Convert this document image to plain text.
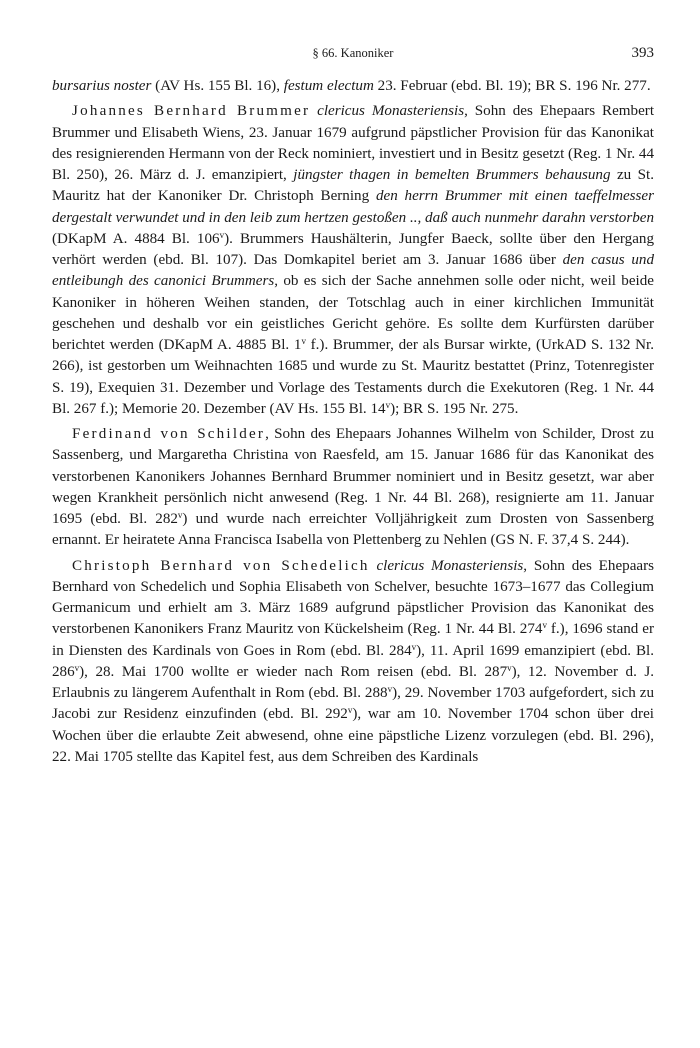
§ 66. Kanoniker	393

bursarius noster (AV Hs. 155 Bl. 16), festum electum 23. Februar (ebd. Bl. 19); BR S. 196 Nr. 277.

Johannes Bernhard Brummer clericus Monasteriensis, Sohn des Ehepaars Rembert Brummer und Elisabeth Wiens, 23. Januar 1679 aufgrund päpstlicher Provision für das Kanonikat des resignierenden Hermann von der Reck nominiert, investiert und in Besitz gesetzt (Reg. 1 Nr. 44 Bl. 250), 26. März d. J. emanzipiert, jüngster thagen in bemelten Brummers behausung zu St. Mauritz hat der Kanoniker Dr. Christoph Berning den herrn Brummer mit einen taeffelmesser dergestalt verwundet und in den leib zum hertzen gestoßen .., daß auch nunmehr darahn verstorben (DKapM A. 4884 Bl. 106$^v$). Brummers Haushälterin, Jungfer Baeck, sollte über den Hergang verhört werden (ebd. Bl. 107). Das Domkapitel beriet am 3. Januar 1686 über den casus und entleibungh des canonici Brummers, ob es sich der Sache annehmen solle oder nicht, weil beide Kanoniker in höheren Weihen standen, der Totschlag auch in einer kirchlichen Immunität geschehen und deshalb vor ein geistliches Gericht gehöre. Es sollte dem Kurfürsten darüber berichtet werden (DKapM A. 4885 Bl. 1$^v$ f.). Brummer, der als Bursar wirkte, (UrkAD S. 132 Nr. 266), ist gestorben um Weihnachten 1685 und wurde zu St. Mauritz bestattet (Prinz, Totenregister S. 19), Exequien 31. Dezember und Vorlage des Testaments durch die Exekutoren (Reg. 1 Nr. 44 Bl. 267 f.); Memorie 20. Dezember (AV Hs. 155 Bl. 14$^v$); BR S. 195 Nr. 275.

Ferdinand von Schilder, Sohn des Ehepaars Johannes Wilhelm von Schilder, Drost zu Sassenberg, und Margaretha Christina von Raesfeld, am 15. Januar 1686 für das Kanonikat des verstorbenen Kanonikers Johannes Bernhard Brummer nominiert und in Besitz gesetzt, war aber wegen Krankheit persönlich nicht anwesend (Reg. 1 Nr. 44 Bl. 268), resignierte am 11. Januar 1695 (ebd. Bl. 282$^v$) und wurde nach erreichter Volljährigkeit zum Drosten von Sassenberg ernannt. Er heiratete Anna Francisca Isabella von Plettenberg zu Nehlen (GS N. F. 37,4 S. 244).

Christoph Bernhard von Schedelich clericus Monasteriensis, Sohn des Ehepaars Bernhard von Schedelich und Sophia Elisabeth von Schelver, besuchte 1673–1677 das Collegium Germanicum und erhielt am 3. März 1689 aufgrund päpstlicher Provision das Kanonikat des verstorbenen Kanonikers Franz Mauritz von Kückelsheim (Reg. 1 Nr. 44 Bl. 274$^v$ f.), 1696 stand er in Diensten des Kardinals von Goes in Rom (ebd. Bl. 284$^v$), 11. April 1699 emanzipiert (ebd. Bl. 286$^v$), 28. Mai 1700 wollte er wieder nach Rom reisen (ebd. Bl. 287$^v$), 12. November d. J. Erlaubnis zu längerem Aufenthalt in Rom (ebd. Bl. 288$^v$), 29. November 1703 aufgefordert, sich zu Jacobi zur Residenz einzufinden (ebd. Bl. 292$^v$), war am 10. November 1704 schon über drei Wochen über die erlaubte Zeit abwesend, ohne eine päpstliche Lizenz vorzulegen (ebd. Bl. 296), 22. Mai 1705 stellte das Kapitel fest, aus dem Schreiben des Kardinals
